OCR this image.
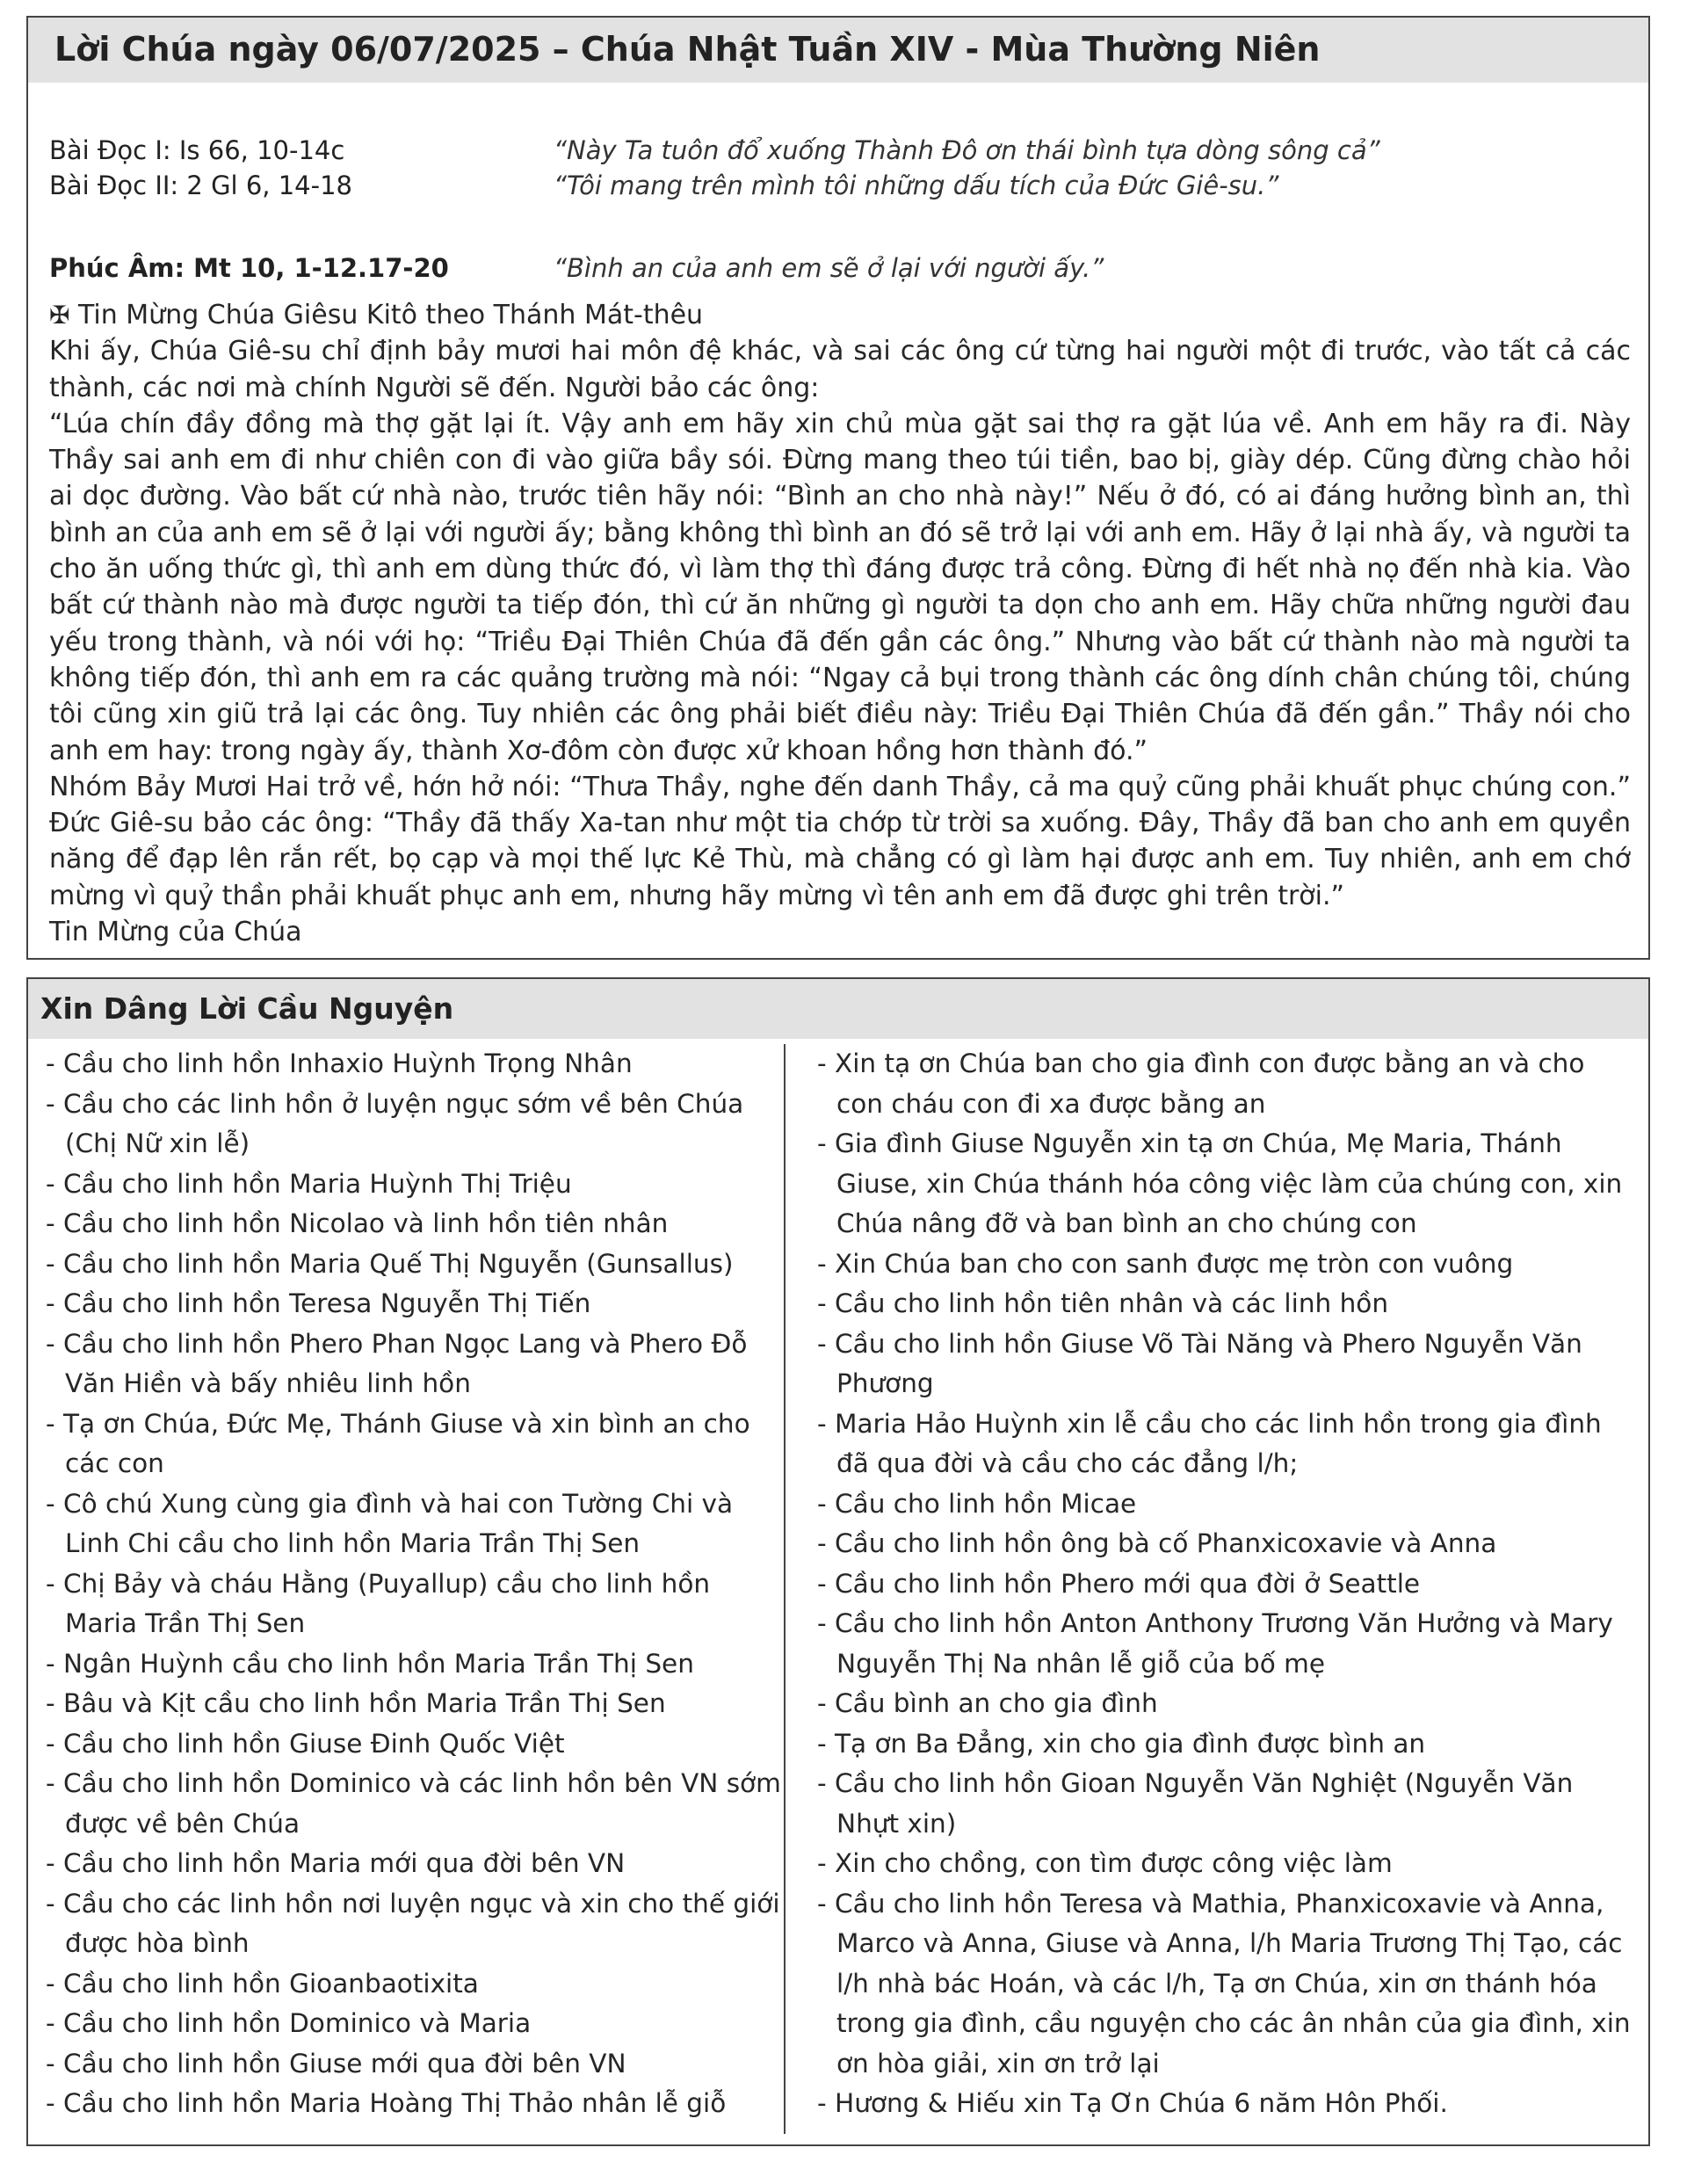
Lời Chúa ngày 06/07/2025 – Chúa Nhật Tuần XIV - Mùa Thường Niên
Bài Đọc I: Is 66, 10-14c	“Này Ta tuôn đổ xuống Thành Đô ơn thái bình tựa dòng sông cả”
Bài Đọc II: 2 Gl 6, 14-18	“Tôi mang trên mình tôi những dấu tích của Đức Giê-su.”
Phúc Âm: Mt 10, 1-12.17-20	“Bình an của anh em sẽ ở lại với người ấy.”

✠ Tin Mừng Chúa Giêsu Kitô theo Thánh Mát-thêu

Khi ấy, Chúa Giê-su chỉ định bảy mươi hai môn đệ khác, và sai các ông cứ từng hai người một đi trước, vào tất cả các thành, các nơi mà chính Người sẽ đến. Người bảo các ông:

“Lúa chín đầy đồng mà thợ gặt lại ít. Vậy anh em hãy xin chủ mùa gặt sai thợ ra gặt lúa về. Anh em hãy ra đi. Này Thầy sai anh em đi như chiên con đi vào giữa bầy sói. Đừng mang theo túi tiền, bao bị, giày dép. Cũng đừng chào hỏi ai dọc đường. Vào bất cứ nhà nào, trước tiên hãy nói: “Bình an cho nhà này!” Nếu ở đó, có ai đáng hưởng bình an, thì bình an của anh em sẽ ở lại với người ấy; bằng không thì bình an đó sẽ trở lại với anh em. Hãy ở lại nhà ấy, và người ta cho ăn uống thức gì, thì anh em dùng thức đó, vì làm thợ thì đáng được trả công. Đừng đi hết nhà nọ đến nhà kia. Vào bất cứ thành nào mà được người ta tiếp đón, thì cứ ăn những gì người ta dọn cho anh em. Hãy chữa những người đau yếu trong thành, và nói với họ: “Triều Đại Thiên Chúa đã đến gần các ông.” Nhưng vào bất cứ thành nào mà người ta không tiếp đón, thì anh em ra các quảng trường mà nói: “Ngay cả bụi trong thành các ông dính chân chúng tôi, chúng tôi cũng xin giũ trả lại các ông. Tuy nhiên các ông phải biết điều này: Triều Đại Thiên Chúa đã đến gần.” Thầy nói cho anh em hay: trong ngày ấy, thành Xơ-đôm còn được xử khoan hồng hơn thành đó.”

Nhóm Bảy Mươi Hai trở về, hớn hở nói: “Thưa Thầy, nghe đến danh Thầy, cả ma quỷ cũng phải khuất phục chúng con.” Đức Giê-su bảo các ông: “Thầy đã thấy Xa-tan như một tia chớp từ trời sa xuống. Đây, Thầy đã ban cho anh em quyền năng để đạp lên rắn rết, bọ cạp và mọi thế lực Kẻ Thù, mà chẳng có gì làm hại được anh em. Tuy nhiên, anh em chớ mừng vì quỷ thần phải khuất phục anh em, nhưng hãy mừng vì tên anh em đã được ghi trên trời.”

Tin Mừng của Chúa

Xin Dâng Lời Cầu Nguyện
- Cầu cho linh hồn Inhaxio Huỳnh Trọng Nhân
- Cầu cho các linh hồn ở luyện ngục sớm về bên Chúa (Chị Nữ xin lễ)
- Cầu cho linh hồn Maria Huỳnh Thị Triệu
- Cầu cho linh hồn Nicolao và linh hồn tiên nhân
- Cầu cho linh hồn Maria Quế Thị Nguyễn (Gunsallus)
- Cầu cho linh hồn Teresa Nguyễn Thị Tiến
- Cầu cho linh hồn Phero Phan Ngọc Lang và Phero Đỗ Văn Hiền và bấy nhiêu linh hồn
- Tạ ơn Chúa, Đức Mẹ, Thánh Giuse và xin bình an cho các con
- Cô chú Xung cùng gia đình và hai con Tường Chi và Linh Chi cầu cho linh hồn Maria Trần Thị Sen
- Chị Bảy và cháu Hằng (Puyallup) cầu cho linh hồn Maria Trần Thị Sen
- Ngân Huỳnh cầu cho linh hồn Maria Trần Thị Sen
- Bâu và Kịt cầu cho linh hồn Maria Trần Thị Sen
- Cầu cho linh hồn Giuse Đinh Quốc Việt
- Cầu cho linh hồn Dominico và các linh hồn bên VN sớm được về bên Chúa
- Cầu cho linh hồn Maria mới qua đời bên VN
- Cầu cho các linh hồn nơi luyện ngục và xin cho thế giới được hòa bình
- Cầu cho linh hồn Gioanbaotixita
- Cầu cho linh hồn Dominico và Maria
- Cầu cho linh hồn Giuse mới qua đời bên VN
- Cầu cho linh hồn Maria Hoàng Thị Thảo nhân lễ giỗ
- Xin tạ ơn Chúa ban cho gia đình con được bằng an và cho con cháu con đi xa được bằng an
- Gia đình Giuse Nguyễn xin tạ ơn Chúa, Mẹ Maria, Thánh Giuse, xin Chúa thánh hóa công việc làm của chúng con, xin Chúa nâng đỡ và ban bình an cho chúng con
- Xin Chúa ban cho con sanh được mẹ tròn con vuông
- Cầu cho linh hồn tiên nhân và các linh hồn
- Cầu cho linh hồn Giuse Võ Tài Năng và Phero Nguyễn Văn Phương
- Maria Hảo Huỳnh xin lễ cầu cho các linh hồn trong gia đình đã qua đời và cầu cho các đẳng l/h;
- Cầu cho linh hồn Micae
- Cầu cho linh hồn ông bà cố Phanxicoxavie và Anna
- Cầu cho linh hồn Phero mới qua đời ở Seattle
- Cầu cho linh hồn Anton Anthony Trương Văn Hưởng và Mary Nguyễn Thị Na nhân lễ giỗ của bố mẹ
- Cầu bình an cho gia đình
- Tạ ơn Ba Đẳng, xin cho gia đình được bình an
- Cầu cho linh hồn Gioan Nguyễn Văn Nghiệt (Nguyễn Văn Nhựt xin)
- Xin cho chồng, con tìm được công việc làm
- Cầu cho linh hồn Teresa và Mathia, Phanxicoxavie và Anna, Marco và Anna, Giuse và Anna, l/h Maria Trương Thị Tạo, các l/h nhà bác Hoán, và các l/h, Tạ ơn Chúa, xin ơn thánh hóa trong gia đình, cầu nguyện cho các ân nhân của gia đình, xin ơn hòa giải, xin ơn trở lại
- Hương & Hiếu xin Tạ Ơn Chúa 6 năm Hôn Phối.
